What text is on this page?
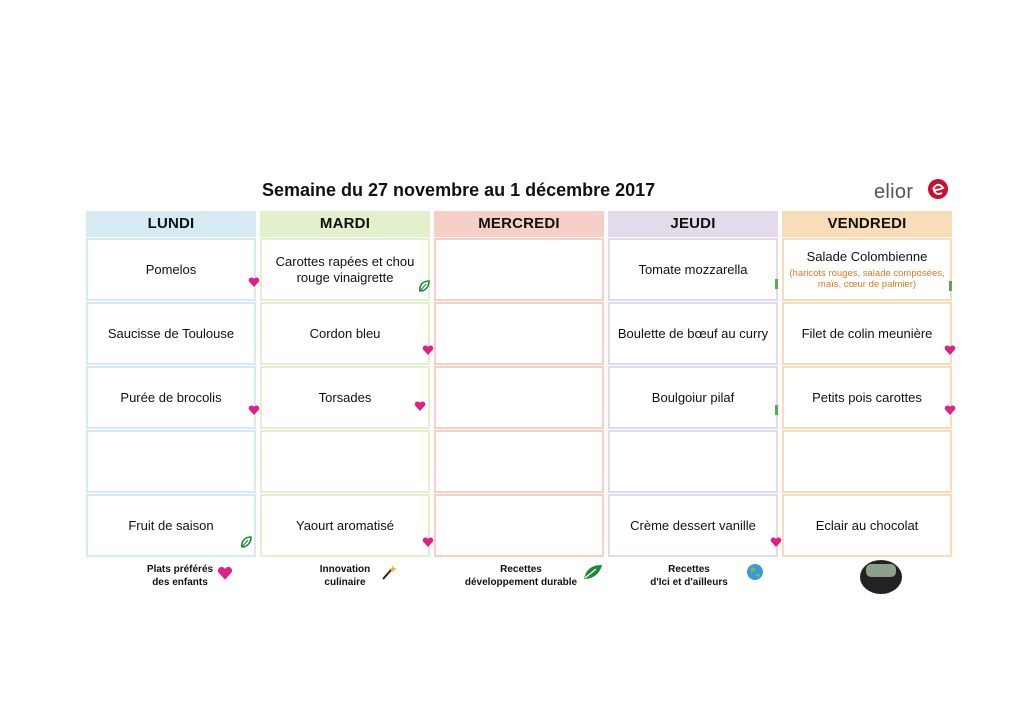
Semaine du 27 novembre au 1 décembre 2017	elior
LUNDI
Pomelos
Saucisse de Toulouse
Purée de brocolis
Fruit de saison
MARDI
Carottes rapées et chou rouge vinaigrette
Cordon bleu
Torsades
Yaourt aromatisé
MERCREDI	JEUDI
Tomate mozzarella
Boulette de bœuf au curry
Boulgoiur pilaf
Crème dessert vanille
VENDREDI
Salade Colombienne
(haricots rouges, salade composées, maïs, cœur de palmier)
Filet de colin meunière
Petits pois carottes
Eclair au chocolat
Plats préférés
des enfants
Innovation
culinaire
Recettes
développement durable
Recettes
d'Ici et d'ailleurs
